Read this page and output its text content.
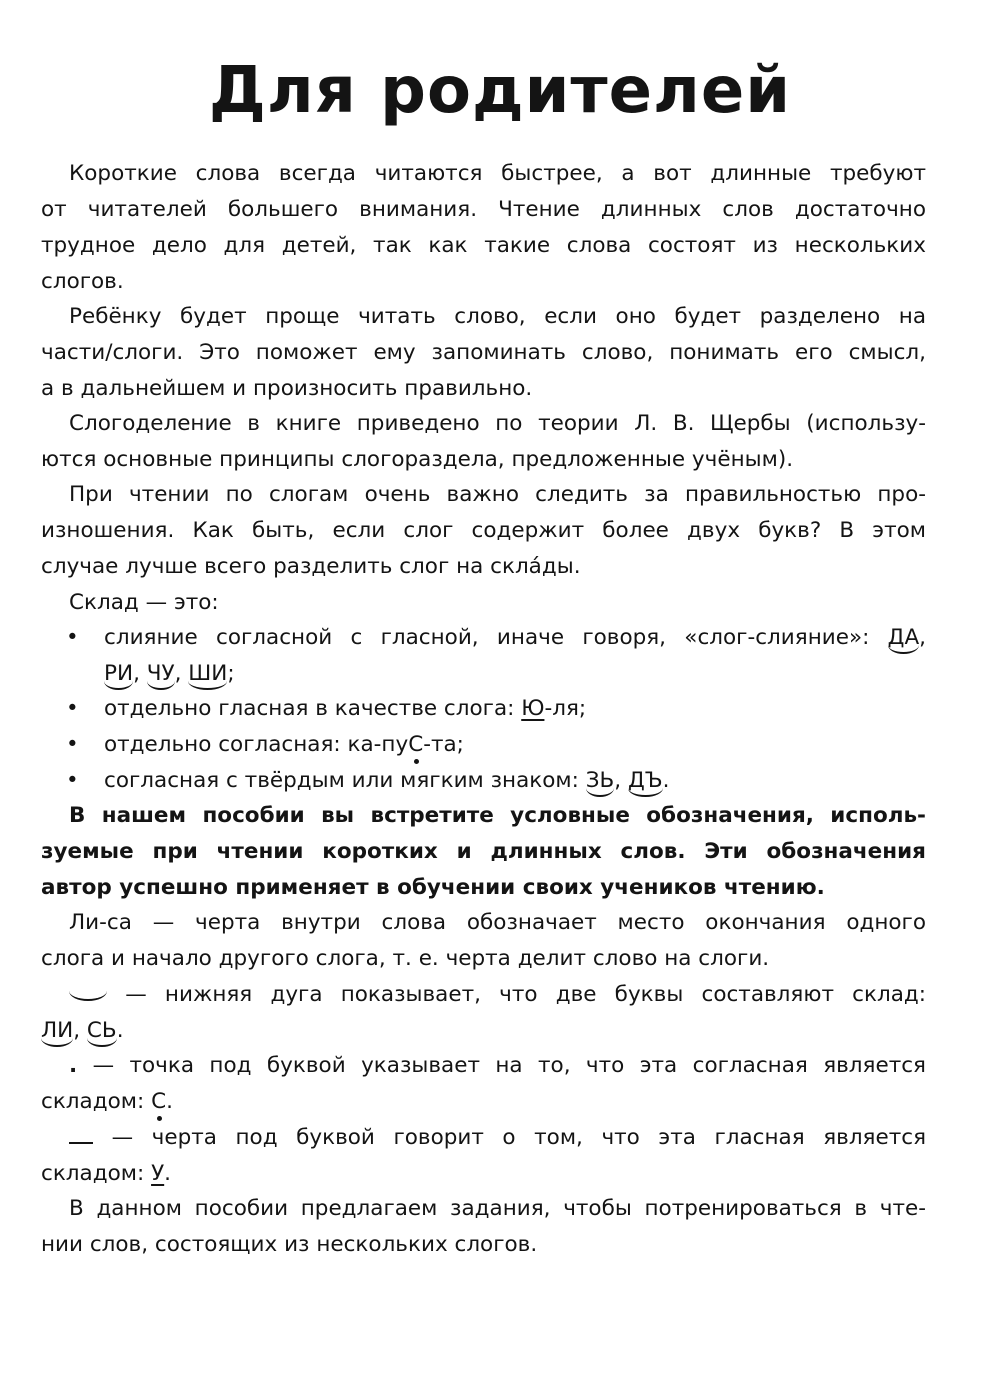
Для родителей
Короткие слова всегда читаются быстрее, а вот длинные требуют
от читателей большего внимания. Чтение длинных слов достаточно
трудное дело для детей, так как такие слова состоят из нескольких
слогов.
Ребёнку будет проще читать слово, если оно будет разделено на
части/слоги. Это поможет ему запоминать слово, понимать его смысл,
а в дальнейшем и произносить правильно.
Слогоделение в книге приведено по теории Л. В. Щербы (использу-
ются основные принципы слогораздела, предложенные учёным).
При чтении по слогам очень важно следить за правильностью про-
изношения. Как быть, если слог содержит более двух букв? В этом
случае лучше всего разделить слог на скла́ды.
Склад — это:
• слияние согласной с гласной, иначе говоря, «слог-слияние»: ДА,
РИ, ЧУ, ШИ;
• отдельно гласная в качестве слога: Ю-ля;
• отдельно согласная: ка-пуС-та;
• согласная с твёрдым или мягким знаком: ЗЬ, ДЪ.
В нашем пособии вы встретите условные обозначения, исполь-
зуемые при чтении коротких и длинных слов. Эти обозначения
автор успешно применяет в обучении своих учеников чтению.
Ли-са — черта внутри слова обозначает место окончания одного
слога и начало другого слога, т. е. черта делит слово на слоги.
— нижняя дуга показывает, что две буквы составляют склад:
ЛИ, СЬ.
. — точка под буквой указывает на то, что эта согласная является
складом: С.
— черта под буквой говорит о том, что эта гласная является
складом: У.
В данном пособии предлагаем задания, чтобы потренироваться в чте-
нии слов, состоящих из нескольких слогов.
